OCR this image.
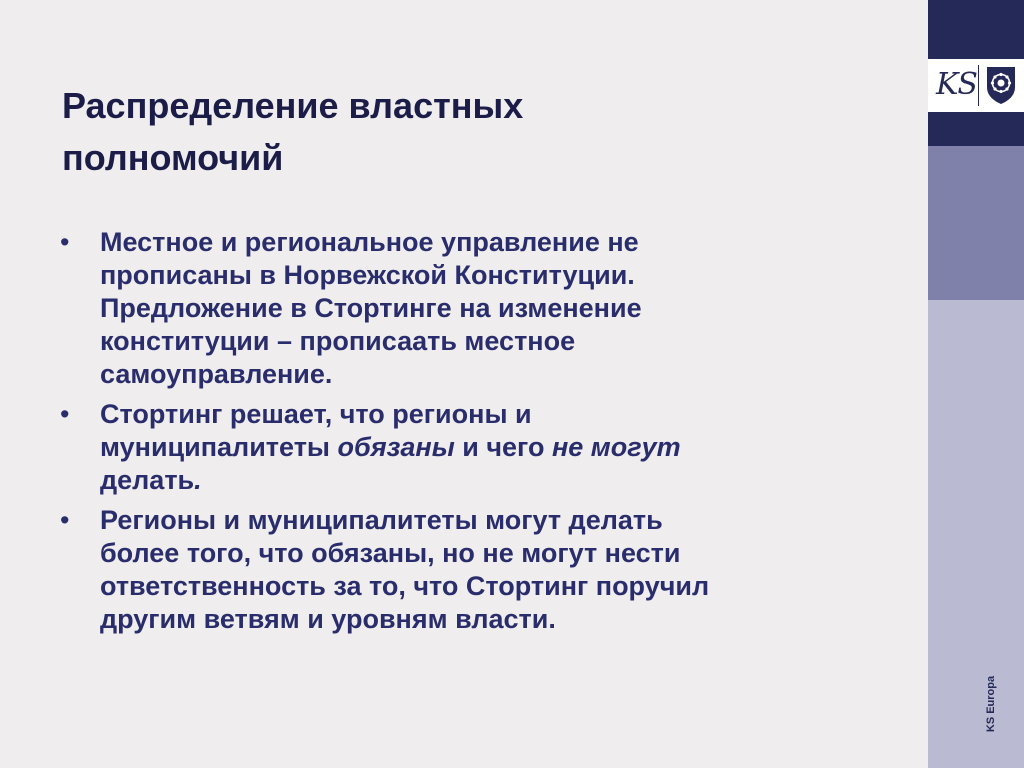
Распределение властных
полномочий
• Местное и региональное управление не
прописаны в Норвежской Конституции.
Предложение в Стортинге на изменение
конституции – прописаать местное
самоуправление.
• Стортинг решает, что регионы и
муниципалитеты обязаны и чего не могут
делать.
• Регионы и муниципалитеты могут делать
более того, что обязаны, но не могут нести
ответственность за то, что Стортинг поручил
другим ветвям и уровням власти.
KS
KS Europa
